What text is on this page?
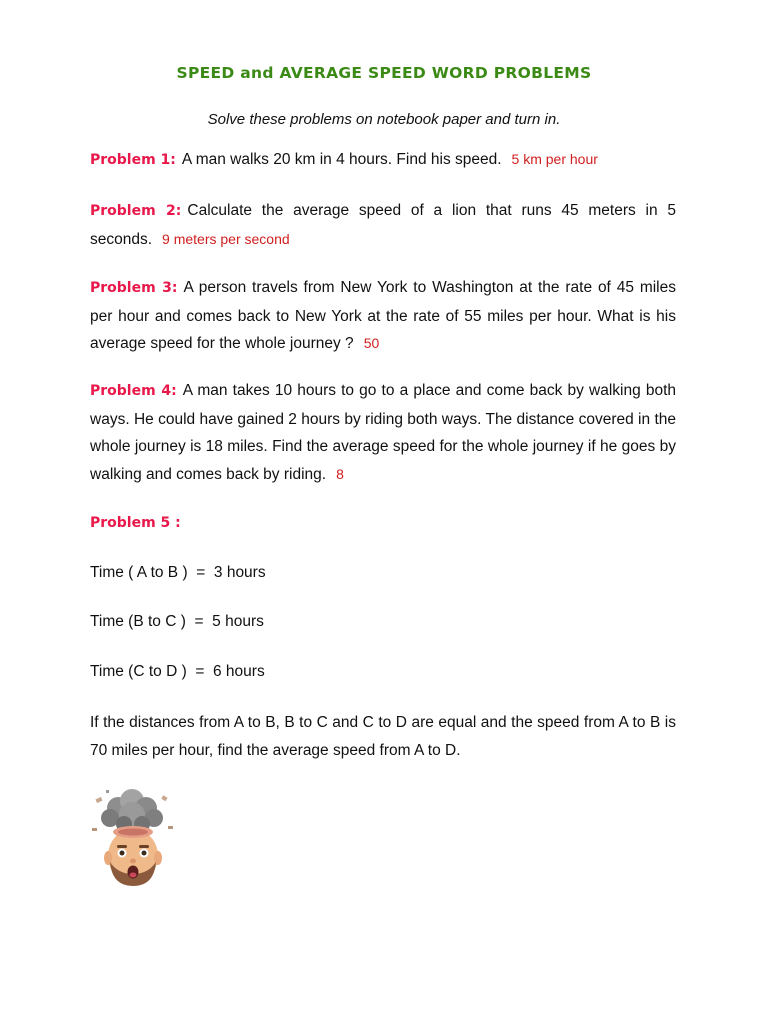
SPEED and AVERAGE SPEED WORD PROBLEMS
Solve these problems on notebook paper and turn in.
Problem 1: A man walks 20 km in 4 hours. Find his speed. 5 km per hour
Problem 2: Calculate the average speed of a lion that runs 45 meters in 5 seconds. 9 meters per second
Problem 3: A person travels from New York to Washington at the rate of 45 miles per hour and comes back to New York at the rate of 55 miles per hour. What is his average speed for the whole journey ? 50
Problem 4: A man takes 10 hours to go to a place and come back by walking both ways. He could have gained 2 hours by riding both ways. The distance covered in the whole journey is 18 miles. Find the average speed for the whole journey if he goes by walking and comes back by riding. 8
Problem 5 :
Time ( A to B )  =  3 hours
Time (B to C )  =  5 hours
Time (C to D )  =  6 hours
If the distances from A to B, B to C and C to D are equal and the speed from A to B is 70 miles per hour, find the average speed from A to D.
